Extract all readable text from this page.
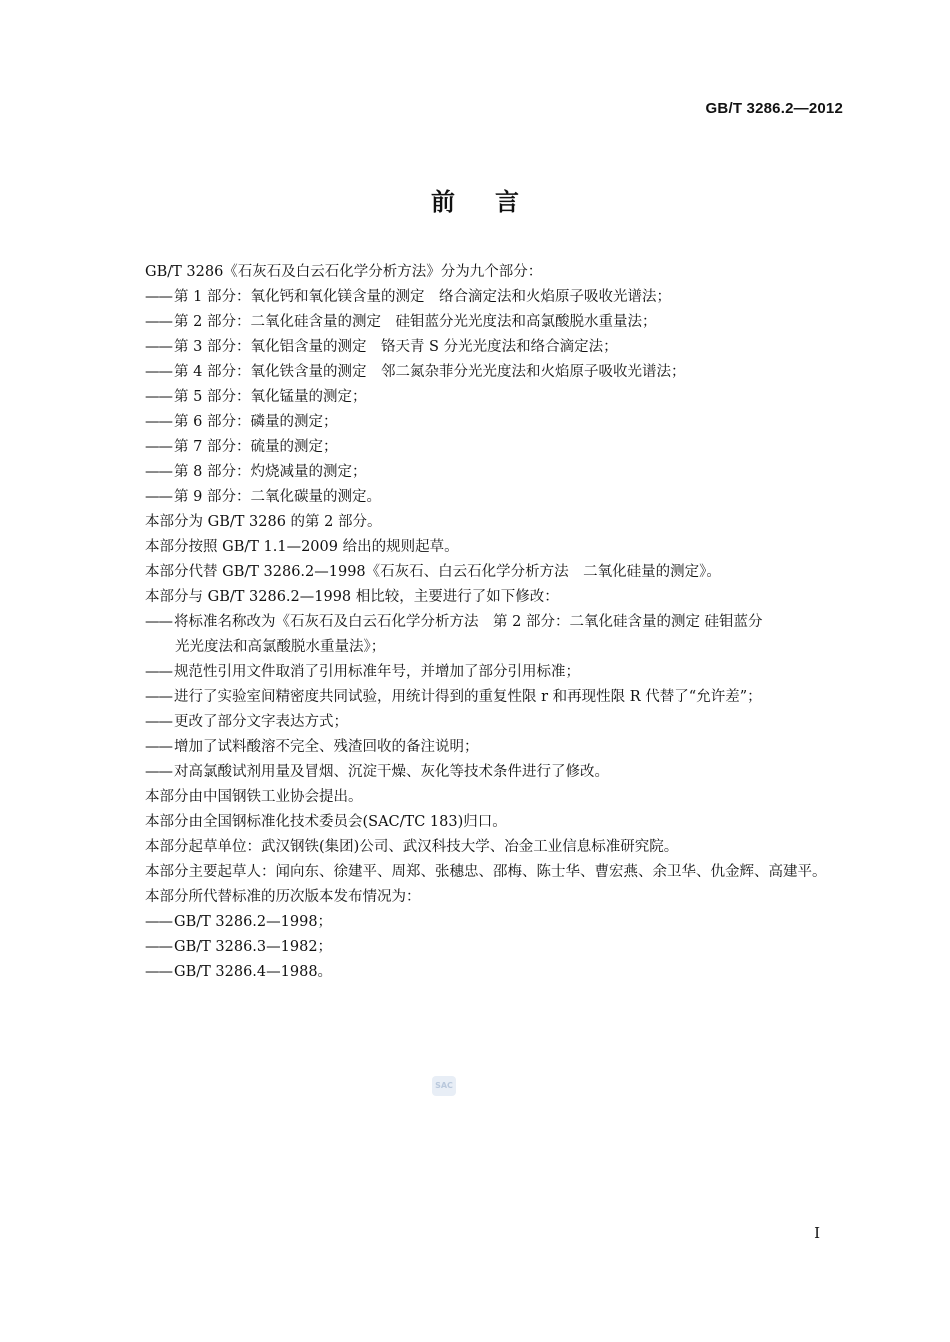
GB/T 3286.2—2012
前言
GB/T 3286《石灰石及白云石化学分析方法》分为九个部分：
—— 第 1 部分：氧化钙和氧化镁含量的测定　络合滴定法和火焰原子吸收光谱法；
—— 第 2 部分：二氧化硅含量的测定　硅钼蓝分光光度法和高氯酸脱水重量法；
—— 第 3 部分：氧化铝含量的测定　铬天青 S 分光光度法和络合滴定法；
—— 第 4 部分：氧化铁含量的测定　邻二氮杂菲分光光度法和火焰原子吸收光谱法；
—— 第 5 部分：氧化锰量的测定；
—— 第 6 部分：磷量的测定；
—— 第 7 部分：硫量的测定；
—— 第 8 部分：灼烧减量的测定；
—— 第 9 部分：二氧化碳量的测定。
本部分为 GB/T 3286 的第 2 部分。
本部分按照 GB/T 1.1—2009 给出的规则起草。
本部分代替 GB/T 3286.2—1998《石灰石、白云石化学分析方法　二氧化硅量的测定》。
本部分与 GB/T 3286.2—1998 相比较，主要进行了如下修改：
—— 将标准名称改为《石灰石及白云石化学分析方法　第 2 部分：二氧化硅含量的测定 硅钼蓝分
光光度法和高氯酸脱水重量法》；
—— 规范性引用文件取消了引用标准年号，并增加了部分引用标准；
—— 进行了实验室间精密度共同试验，用统计得到的重复性限 r 和再现性限 R 代替了“允许差”；
—— 更改了部分文字表达方式；
—— 增加了试料酸溶不完全、残渣回收的备注说明；
—— 对高氯酸试剂用量及冒烟、沉淀干燥、灰化等技术条件进行了修改。
本部分由中国钢铁工业协会提出。
本部分由全国钢标准化技术委员会(SAC/TC 183)归口。
本部分起草单位：武汉钢铁(集团)公司、武汉科技大学、冶金工业信息标准研究院。
本部分主要起草人：闻向东、徐建平、周郑、张穗忠、邵梅、陈士华、曹宏燕、余卫华、仇金辉、高建平。
本部分所代替标准的历次版本发布情况为：
—— GB/T 3286.2—1998；
—— GB/T 3286.3—1982；
—— GB/T 3286.4—1988。
SAC
I
